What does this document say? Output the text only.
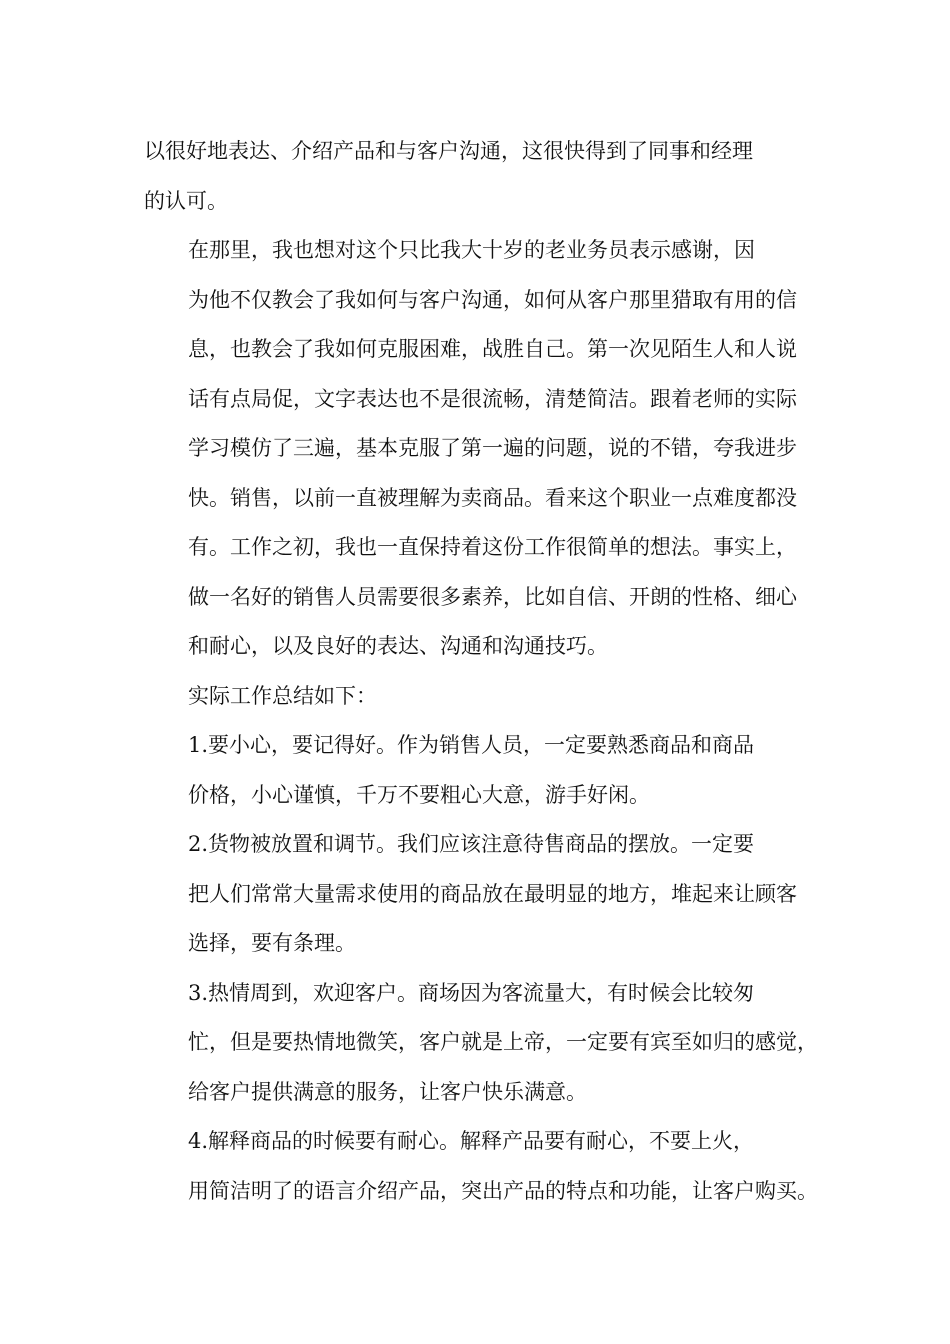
以很好地表达、介绍产品和与客户沟通，这很快得到了同事和经理
的认可。

在那里，我也想对这个只比我大十岁的老业务员表示感谢，因
为他不仅教会了我如何与客户沟通，如何从客户那里猎取有用的信
息，也教会了我如何克服困难，战胜自己。第一次见陌生人和人说
话有点局促，文字表达也不是很流畅，清楚简洁。跟着老师的实际
学习模仿了三遍，基本克服了第一遍的问题，说的不错，夸我进步
快。销售，以前一直被理解为卖商品。看来这个职业一点难度都没
有。工作之初，我也一直保持着这份工作很简单的想法。事实上，
做一名好的销售人员需要很多素养，比如自信、开朗的性格、细心
和耐心，以及良好的表达、沟通和沟通技巧。

实际工作总结如下：

1.要小心，要记得好。作为销售人员，一定要熟悉商品和商品
价格，小心谨慎，千万不要粗心大意，游手好闲。

2.货物被放置和调节。我们应该注意待售商品的摆放。一定要
把人们常常大量需求使用的商品放在最明显的地方，堆起来让顾客
选择，要有条理。

3.热情周到，欢迎客户。商场因为客流量大，有时候会比较匆
忙，但是要热情地微笑，客户就是上帝，一定要有宾至如归的感觉，
给客户提供满意的服务，让客户快乐满意。

4.解释商品的时候要有耐心。解释产品要有耐心，不要上火，
用简洁明了的语言介绍产品，突出产品的特点和功能，让客户购买。
